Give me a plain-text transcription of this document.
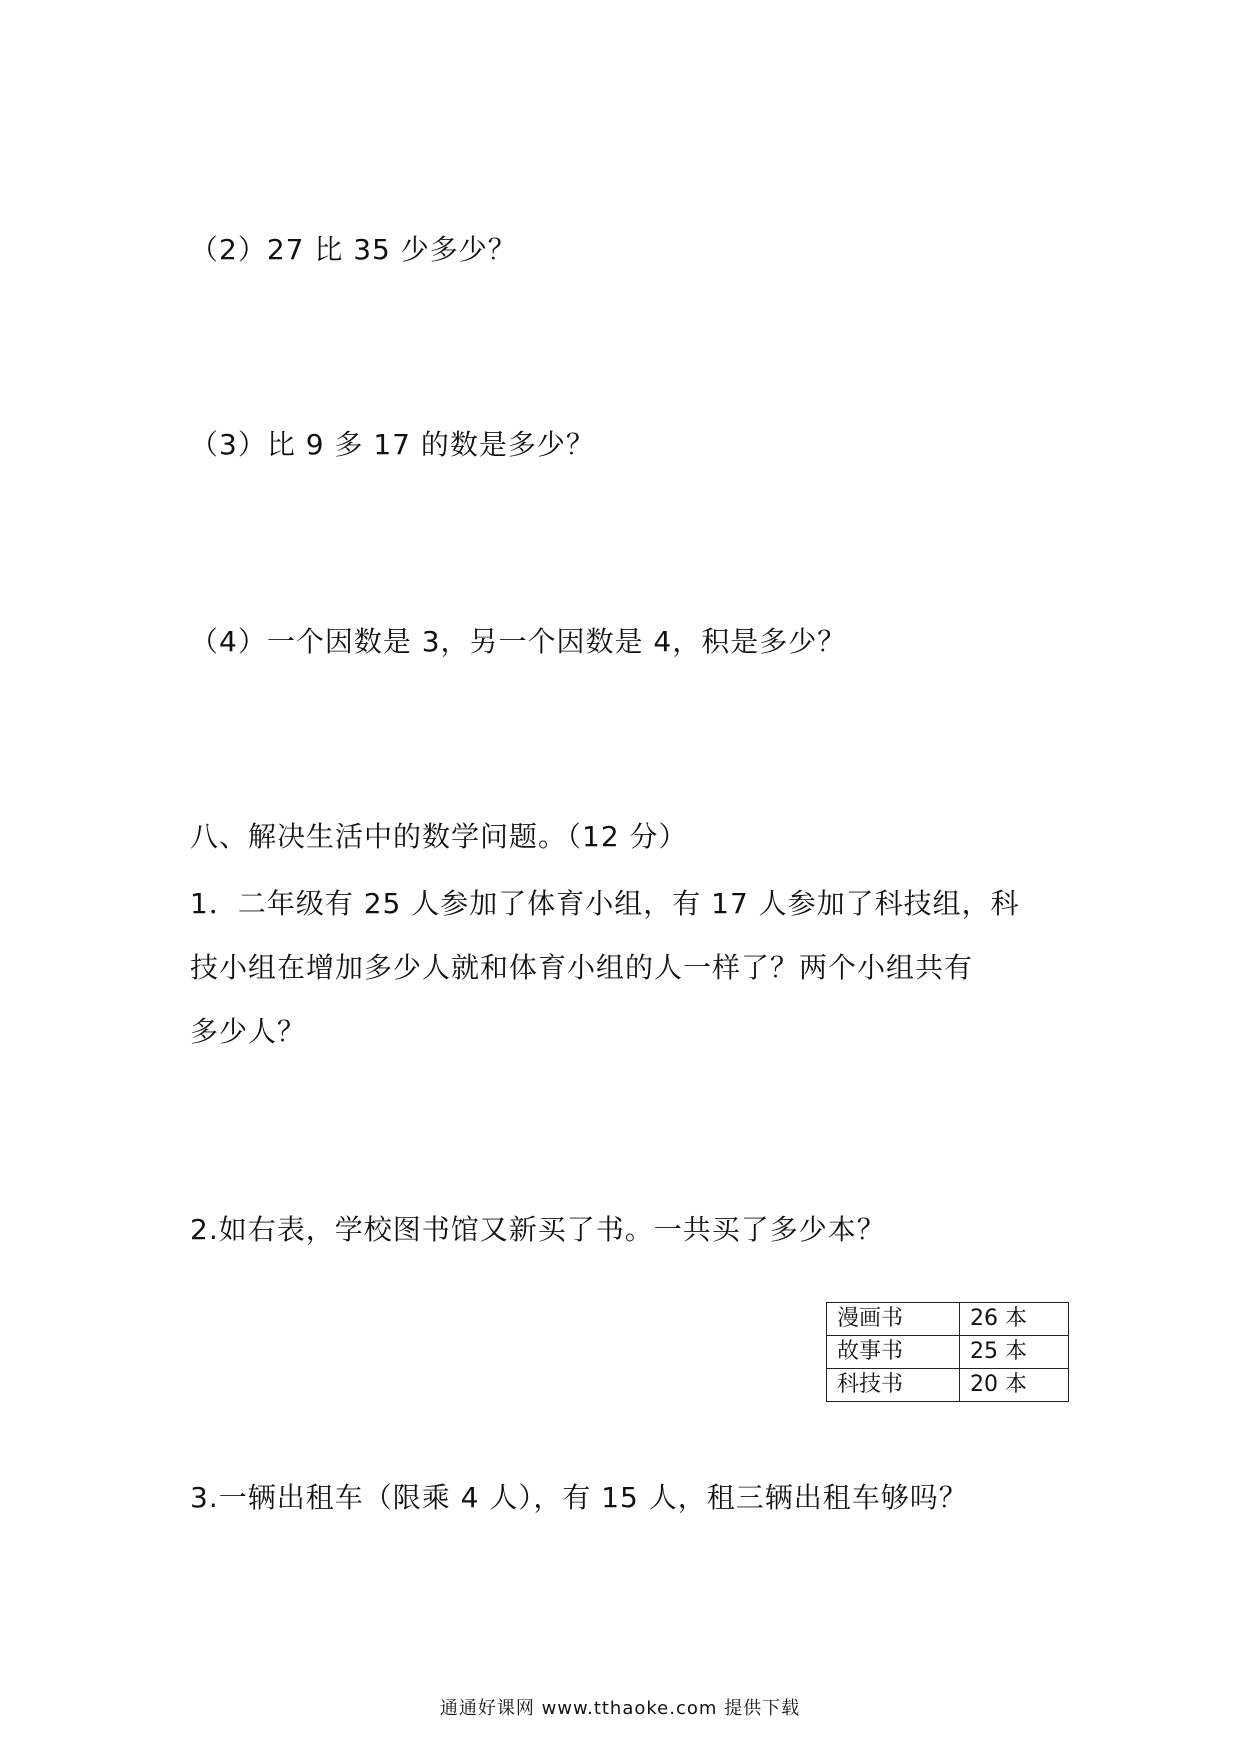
（2）27 比 35 少多少？
（3）比 9 多 17 的数是多少？
（4）一个因数是 3，另一个因数是 4，积是多少？
八、解决生活中的数学问题。（12 分）
1．二年级有 25 人参加了体育小组，有 17 人参加了科技组，科
技小组在增加多少人就和体育小组的人一样了？两个小组共有
多少人？
2.如右表，学校图书馆又新买了书。一共买了多少本？
漫画书	26 本
故事书	25 本
科技书	20 本
3.一辆出租车（限乘 4 人），有 15 人，租三辆出租车够吗？
通通好课网 www.tthaoke.com 提供下载
